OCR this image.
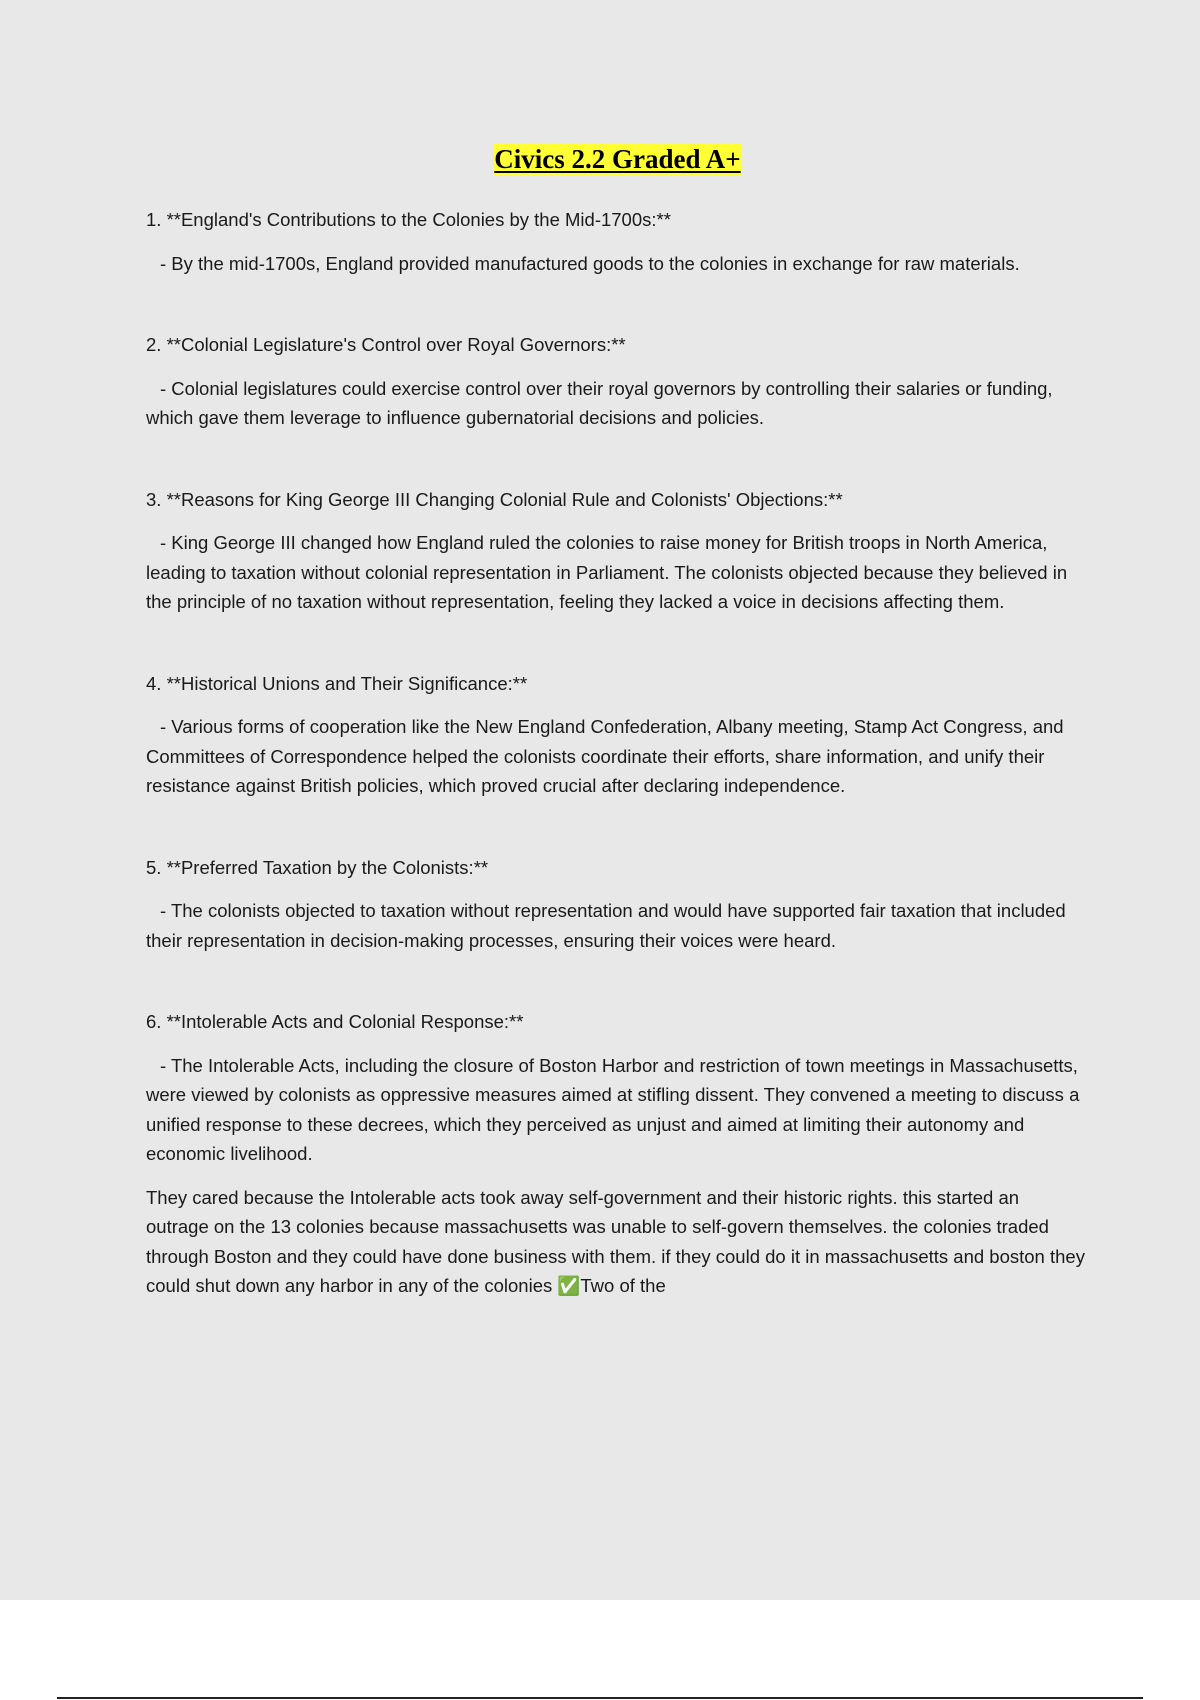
Civics 2.2 Graded A+

1. **England's Contributions to the Colonies by the Mid-1700s:**

- By the mid-1700s, England provided manufactured goods to the colonies in exchange for raw materials.

2. **Colonial Legislature's Control over Royal Governors:**

- Colonial legislatures could exercise control over their royal governors by controlling their salaries or funding, which gave them leverage to influence gubernatorial decisions and policies.

3. **Reasons for King George III Changing Colonial Rule and Colonists' Objections:**

- King George III changed how England ruled the colonies to raise money for British troops in North America, leading to taxation without colonial representation in Parliament. The colonists objected because they believed in the principle of no taxation without representation, feeling they lacked a voice in decisions affecting them.

4. **Historical Unions and Their Significance:**

- Various forms of cooperation like the New England Confederation, Albany meeting, Stamp Act Congress, and Committees of Correspondence helped the colonists coordinate their efforts, share information, and unify their resistance against British policies, which proved crucial after declaring independence.

5. **Preferred Taxation by the Colonists:**

- The colonists objected to taxation without representation and would have supported fair taxation that included their representation in decision-making processes, ensuring their voices were heard.

6. **Intolerable Acts and Colonial Response:**

- The Intolerable Acts, including the closure of Boston Harbor and restriction of town meetings in Massachusetts, were viewed by colonists as oppressive measures aimed at stifling dissent. They convened a meeting to discuss a unified response to these decrees, which they perceived as unjust and aimed at limiting their autonomy and economic livelihood.

They cared because the Intolerable acts took away self-government and their historic rights. this started an outrage on the 13 colonies because massachusetts was unable to self-govern themselves. the colonies traded through Boston and they could have done business with them. if they could do it in massachusetts and boston they could shut down any harbor in any of the colonies ✅Two of the
